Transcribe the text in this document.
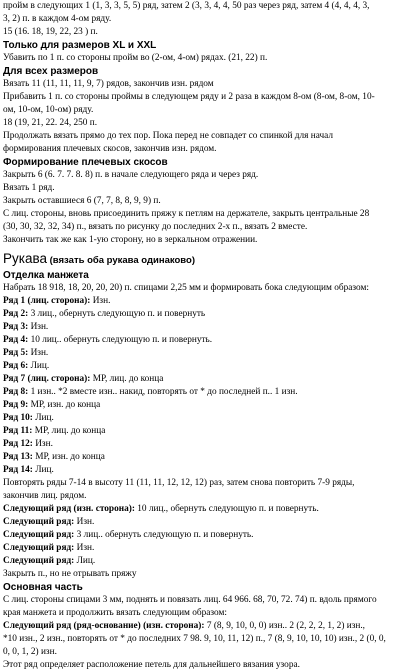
пройм в следующих 1 (1, 3, 3, 5, 5) ряд, затем 2 (3, 3, 4, 4, 50 раз через ряд, затем 4 (4, 4, 4, 3,
3, 2) п. в каждом 4-ом ряду.
15 (16. 18, 19, 22, 23 ) п.
Только для размеров XL и XXL
Убавить по 1 п. со стороны пройм во (2-ом, 4-ом) рядах. (21, 22) п.
Для всех размеров
Вязать 11 (11, 11, 11, 9, 7) рядов, закончив изн. рядом
Прибавить 1 п. со стороны проймы в следующем ряду и 2 раза в каждом 8-ом (8-ом, 8-ом, 10-
ом, 10-ом, 10-ом) ряду.
18 (19, 21, 22. 24, 250 п.
Продолжать вязать прямо до тех пор. Пока перед не совпадет со спинкой для начал
формирования плечевых скосов, закончив изн. рядом.
Формирование плечевых скосов
Закрыть 6 (6. 7. 7. 8. 8) п. в начале следующего ряда и через ряд.
Вязать 1 ряд.
Закрыть оставшиеся 6 (7, 7, 8, 8, 9, 9) п.
С лиц. стороны, вновь присоединить пряжу к петлям на держателе, закрыть центральные 28
(30, 30, 32, 32, 34) п., вязать по рисунку до последних 2-х п., вязать 2 вместе.
Закончить так же как 1-ую сторону, но в зеркальном отражении.
Рукава (вязать оба рукава одинаково)
Отделка манжета
Набрать 18 918, 18, 20, 20, 20) п. спицами 2,25 мм и формировать бока следующим образом:
Ряд 1 (лиц. сторона): Изн.
Ряд 2: 3 лиц., обернуть следующую п. и повернуть
Ряд 3: Изн.
Ряд 4: 10 лиц.. обернуть следующую п. и повернуть.
Ряд 5: Изн.
Ряд 6: Лиц.
Ряд 7 (лиц. сторона): МР, лиц. до конца
Ряд 8: 1 изн.. *2 вместе изн.. накид, повторять от * до последней п.. 1 изн.
Ряд 9: МР, изн. до конца
Ряд 10: Лиц.
Ряд 11: МР, лиц. до конца
Ряд 12: Изн.
Ряд 13: МР, изн. до конца
Ряд 14: Лиц.
Повторять ряды 7-14 в высоту 11 (11, 11, 12, 12, 12) раз, затем снова повторить 7-9 ряды,
закончив лиц. рядом.
Следующий ряд (изн. сторона): 10 лиц., обернуть следующую п. и повернуть.
Следующий ряд: Изн.
Следующий ряд: 3 лиц.. обернуть следующую п. и повернуть.
Следующий ряд: Изн.
Следующий ряд: Лиц.
Закрыть п., но не отрывать пряжу
Основная часть
С лиц. стороны спицами 3 мм, поднять и повязать лиц. 64 966. 68, 70, 72. 74) п. вдоль прямого
края манжета и продолжить вязать следующим образом:
Следующий ряд (ряд-основание) (изн. сторона): 7 (8, 9, 10, 0, 0) изн.. 2 (2, 2, 2, 1, 2) изн.,
*10 изн., 2 изн., повторять от * до последних 7 98. 9, 10, 11, 12) п., 7 (8, 9, 10, 10, 10) изн., 2 (0, 0,
0, 0, 1, 2) изн.
Этот ряд определяет расположение петель для дальнейшего вязания узора.
